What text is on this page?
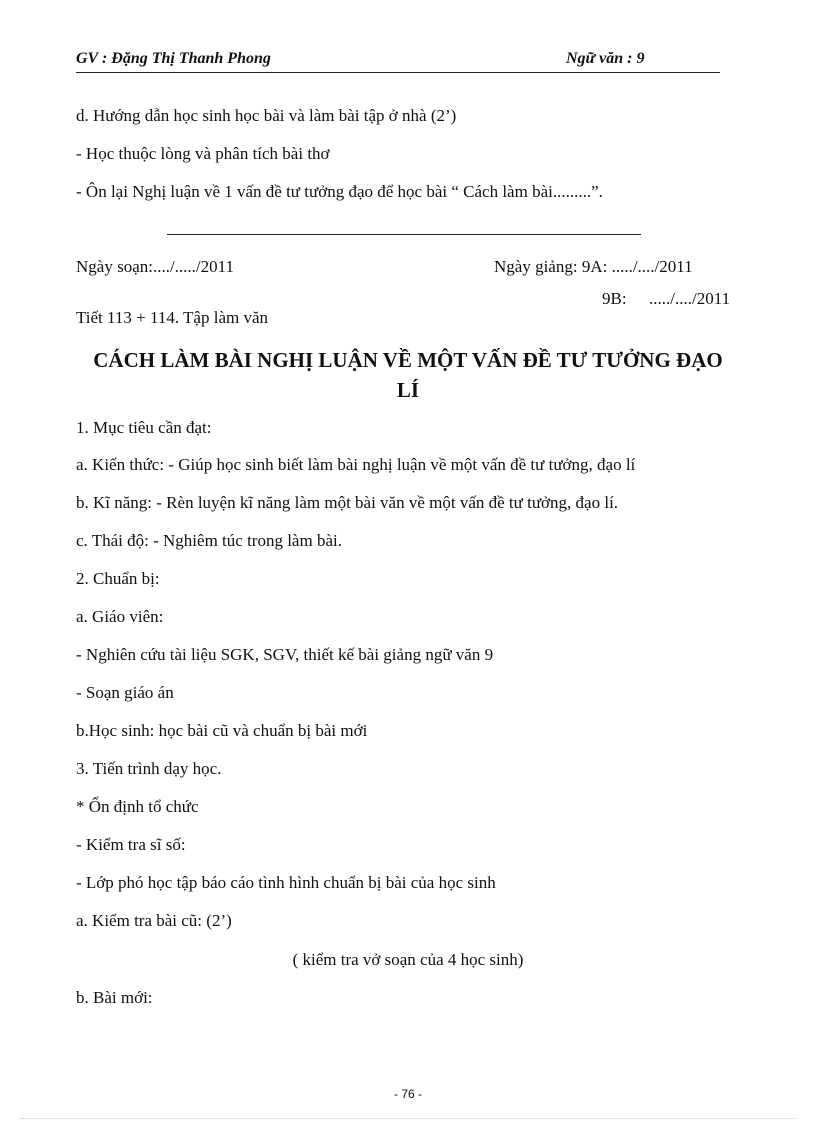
GV : Đặng Thị Thanh Phong	Ngữ văn : 9
d. Hướng dẫn học sinh học bài và làm bài tập ở nhà (2’)
- Học thuộc lòng và phân tích bài thơ
- Ôn lại Nghị luận về 1 vấn đề tư tưởng đạo để học bài “ Cách làm bài.........”.
Ngày soạn:..../...../2011	Ngày giảng: 9A: ...../..../2011
9B: ...../..../2011
Tiết 113 + 114. Tập làm văn
CÁCH LÀM BÀI NGHỊ LUẬN VỀ MỘT VẤN ĐỀ TƯ TƯỞNG ĐẠO
LÍ
1. Mục tiêu cần đạt:
a. Kiến thức: - Giúp học sinh biết làm bài nghị luận về một vấn đề tư tưởng, đạo lí
b. Kĩ năng: - Rèn luyện kĩ năng làm một bài văn về một vấn đề tư tưởng, đạo lí.
c. Thái độ: - Nghiêm túc trong làm bài.
2. Chuẩn bị:
a. Giáo viên:
- Nghiên cứu tài liệu SGK, SGV, thiết kế bài giảng ngữ văn 9
- Soạn giáo án
b.Học sinh: học bài cũ và chuẩn bị bài mới
3. Tiến trình dạy học.
* Ổn định tổ chức
- Kiểm tra sĩ số:
- Lớp phó học tập báo cáo tình hình chuẩn bị bài của học sinh
a. Kiểm tra bài cũ: (2’)
( kiểm tra vở soạn của 4 học sinh)
b. Bài mới:
- 76 -
